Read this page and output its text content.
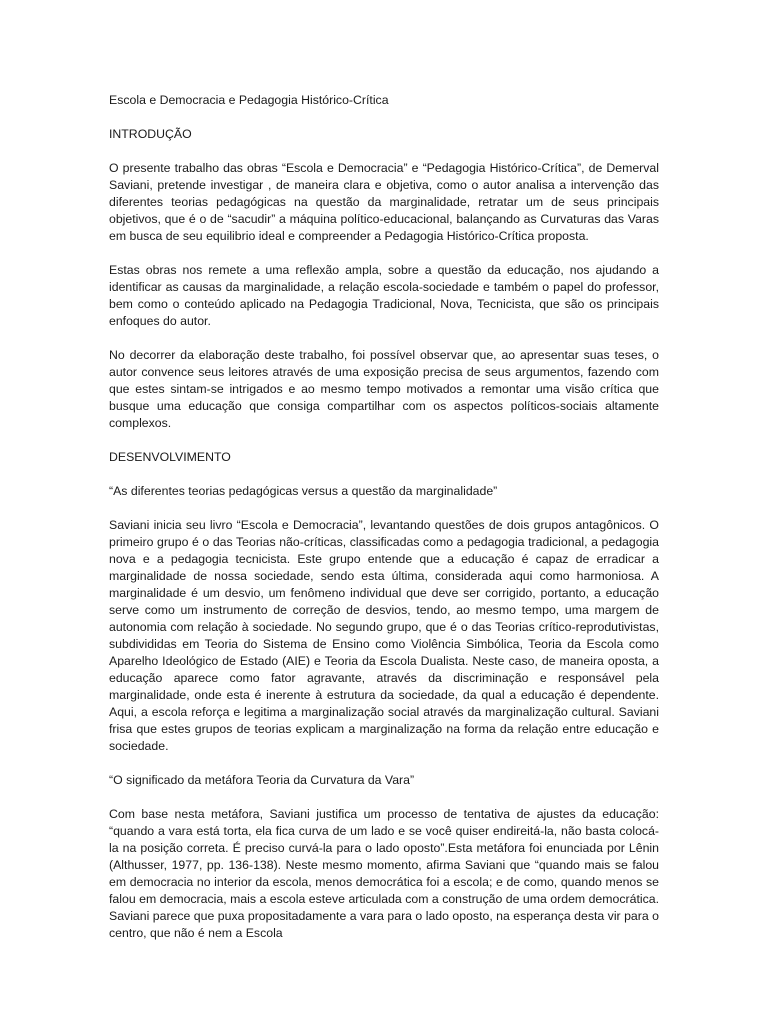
Escola e Democracia e Pedagogia Histórico-Crítica

INTRODUÇÃO

O presente trabalho das obras “Escola e Democracia” e “Pedagogia Histórico-Crítica”, de Demerval Saviani, pretende investigar , de maneira clara e objetiva, como o autor analisa a intervenção das diferentes teorias pedagógicas na questão da marginalidade, retratar um de seus principais objetivos, que é o de “sacudir” a máquina político-educacional, balançando as Curvaturas das Varas em busca de seu equilibrio ideal e compreender a Pedagogia Histórico-Crítica proposta.

Estas obras nos remete a uma reflexão ampla, sobre a questão da educação, nos ajudando a identificar as causas da marginalidade, a relação escola-sociedade e também o papel do professor, bem como o conteúdo aplicado na Pedagogia Tradicional, Nova, Tecnicista, que são os principais enfoques do autor.

No decorrer da elaboração deste trabalho, foi possível observar que, ao apresentar suas teses, o autor convence seus leitores através de uma exposição precisa de seus argumentos, fazendo com que estes sintam-se intrigados e ao mesmo tempo motivados a remontar uma visão crítica que busque uma educação que consiga compartilhar com os aspectos políticos-sociais altamente complexos.

DESENVOLVIMENTO

“As diferentes teorias pedagógicas versus a questão da marginalidade”

Saviani inicia seu livro “Escola e Democracia”, levantando questões de dois grupos antagônicos. O primeiro grupo é o das Teorias não-críticas, classificadas como a pedagogia tradicional, a pedagogia nova e a pedagogia tecnicista. Este grupo entende que a educação é capaz de erradicar a marginalidade de nossa sociedade, sendo esta última, considerada aqui como harmoniosa. A marginalidade é um desvio, um fenômeno individual que deve ser corrigido, portanto, a educação serve como um instrumento de correção de desvios, tendo, ao mesmo tempo, uma margem de autonomia com relação à sociedade. No segundo grupo, que é o das Teorias crítico-reprodutivistas, subdivididas em Teoria do Sistema de Ensino como Violência Simbólica, Teoria da Escola como Aparelho Ideológico de Estado (AIE) e Teoria da Escola Dualista. Neste caso, de maneira oposta, a educação aparece como fator agravante, através da discriminação e responsável pela marginalidade, onde esta é inerente à estrutura da sociedade, da qual a educação é dependente. Aqui, a escola reforça e legitima a marginalização social através da marginalização cultural. Saviani frisa que estes grupos de teorias explicam a marginalização na forma da relação entre educação e sociedade.

“O significado da metáfora Teoria da Curvatura da Vara”

Com base nesta metáfora, Saviani justifica um processo de tentativa de ajustes da educação: “quando a vara está torta, ela fica curva de um lado e se você quiser endireitá-la, não basta colocá-la na posição correta. É preciso curvá-la para o lado oposto”.Esta metáfora foi enunciada por Lênin (Althusser, 1977, pp. 136-138). Neste mesmo momento, afirma Saviani que “quando mais se falou em democracia no interior da escola, menos democrática foi a escola; e de como, quando menos se falou em democracia, mais a escola esteve articulada com a construção de uma ordem democrática. Saviani parece que puxa propositadamente a vara para o lado oposto, na esperança desta vir para o centro, que não é nem a Escola
